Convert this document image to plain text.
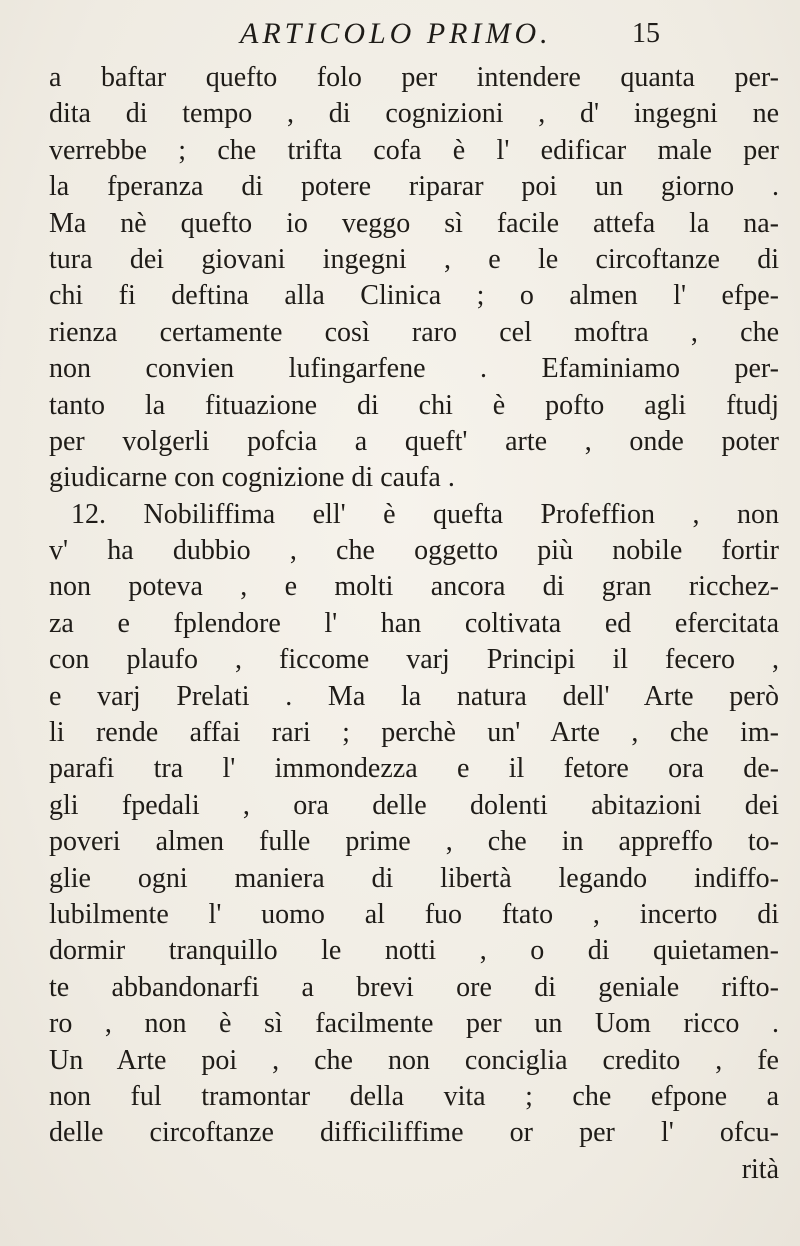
ARTICOLO PRIMO.	15
a baftar quefto folo per intendere quanta per-
dita di tempo , di cognizioni , d' ingegni ne
verrebbe ; che trifta cofa è l' edificar male per
la fperanza di potere riparar poi un giorno .
Ma nè quefto io veggo sì facile attefa la na-
tura dei giovani ingegni , e le circoftanze di
chi fi deftina alla Clinica ; o almen l' efpe-
rienza certamente così raro cel moftra , che
non convien lufingarfene . Efaminiamo per-
tanto la fituazione di chi è pofto agli ftudj
per volgerli pofcia a queft' arte , onde poter
giudicarne con cognizione di caufa .
12. Nobiliffima ell' è quefta Profeffion , non
v' ha dubbio , che oggetto più nobile fortir
non poteva , e molti ancora di gran ricchez-
za e fplendore l' han coltivata ed efercitata
con plaufo , ficcome varj Principi il fecero ,
e varj Prelati . Ma la natura dell' Arte però
li rende affai rari ; perchè un' Arte , che im-
parafi tra l' immondezza e il fetore ora de-
gli fpedali , ora delle dolenti abitazioni dei
poveri almen fulle prime , che in appreffo to-
glie ogni maniera di libertà legando indiffo-
lubilmente l' uomo al fuo ftato , incerto di
dormir tranquillo le notti , o di quietamen-
te abbandonarfi a brevi ore di geniale rifto-
ro , non è sì facilmente per un Uom ricco .
Un Arte poi , che non conciglia credito , fe
non ful tramontar della vita ; che efpone a
delle circoftanze difficiliffime or per l' ofcu-
rità
